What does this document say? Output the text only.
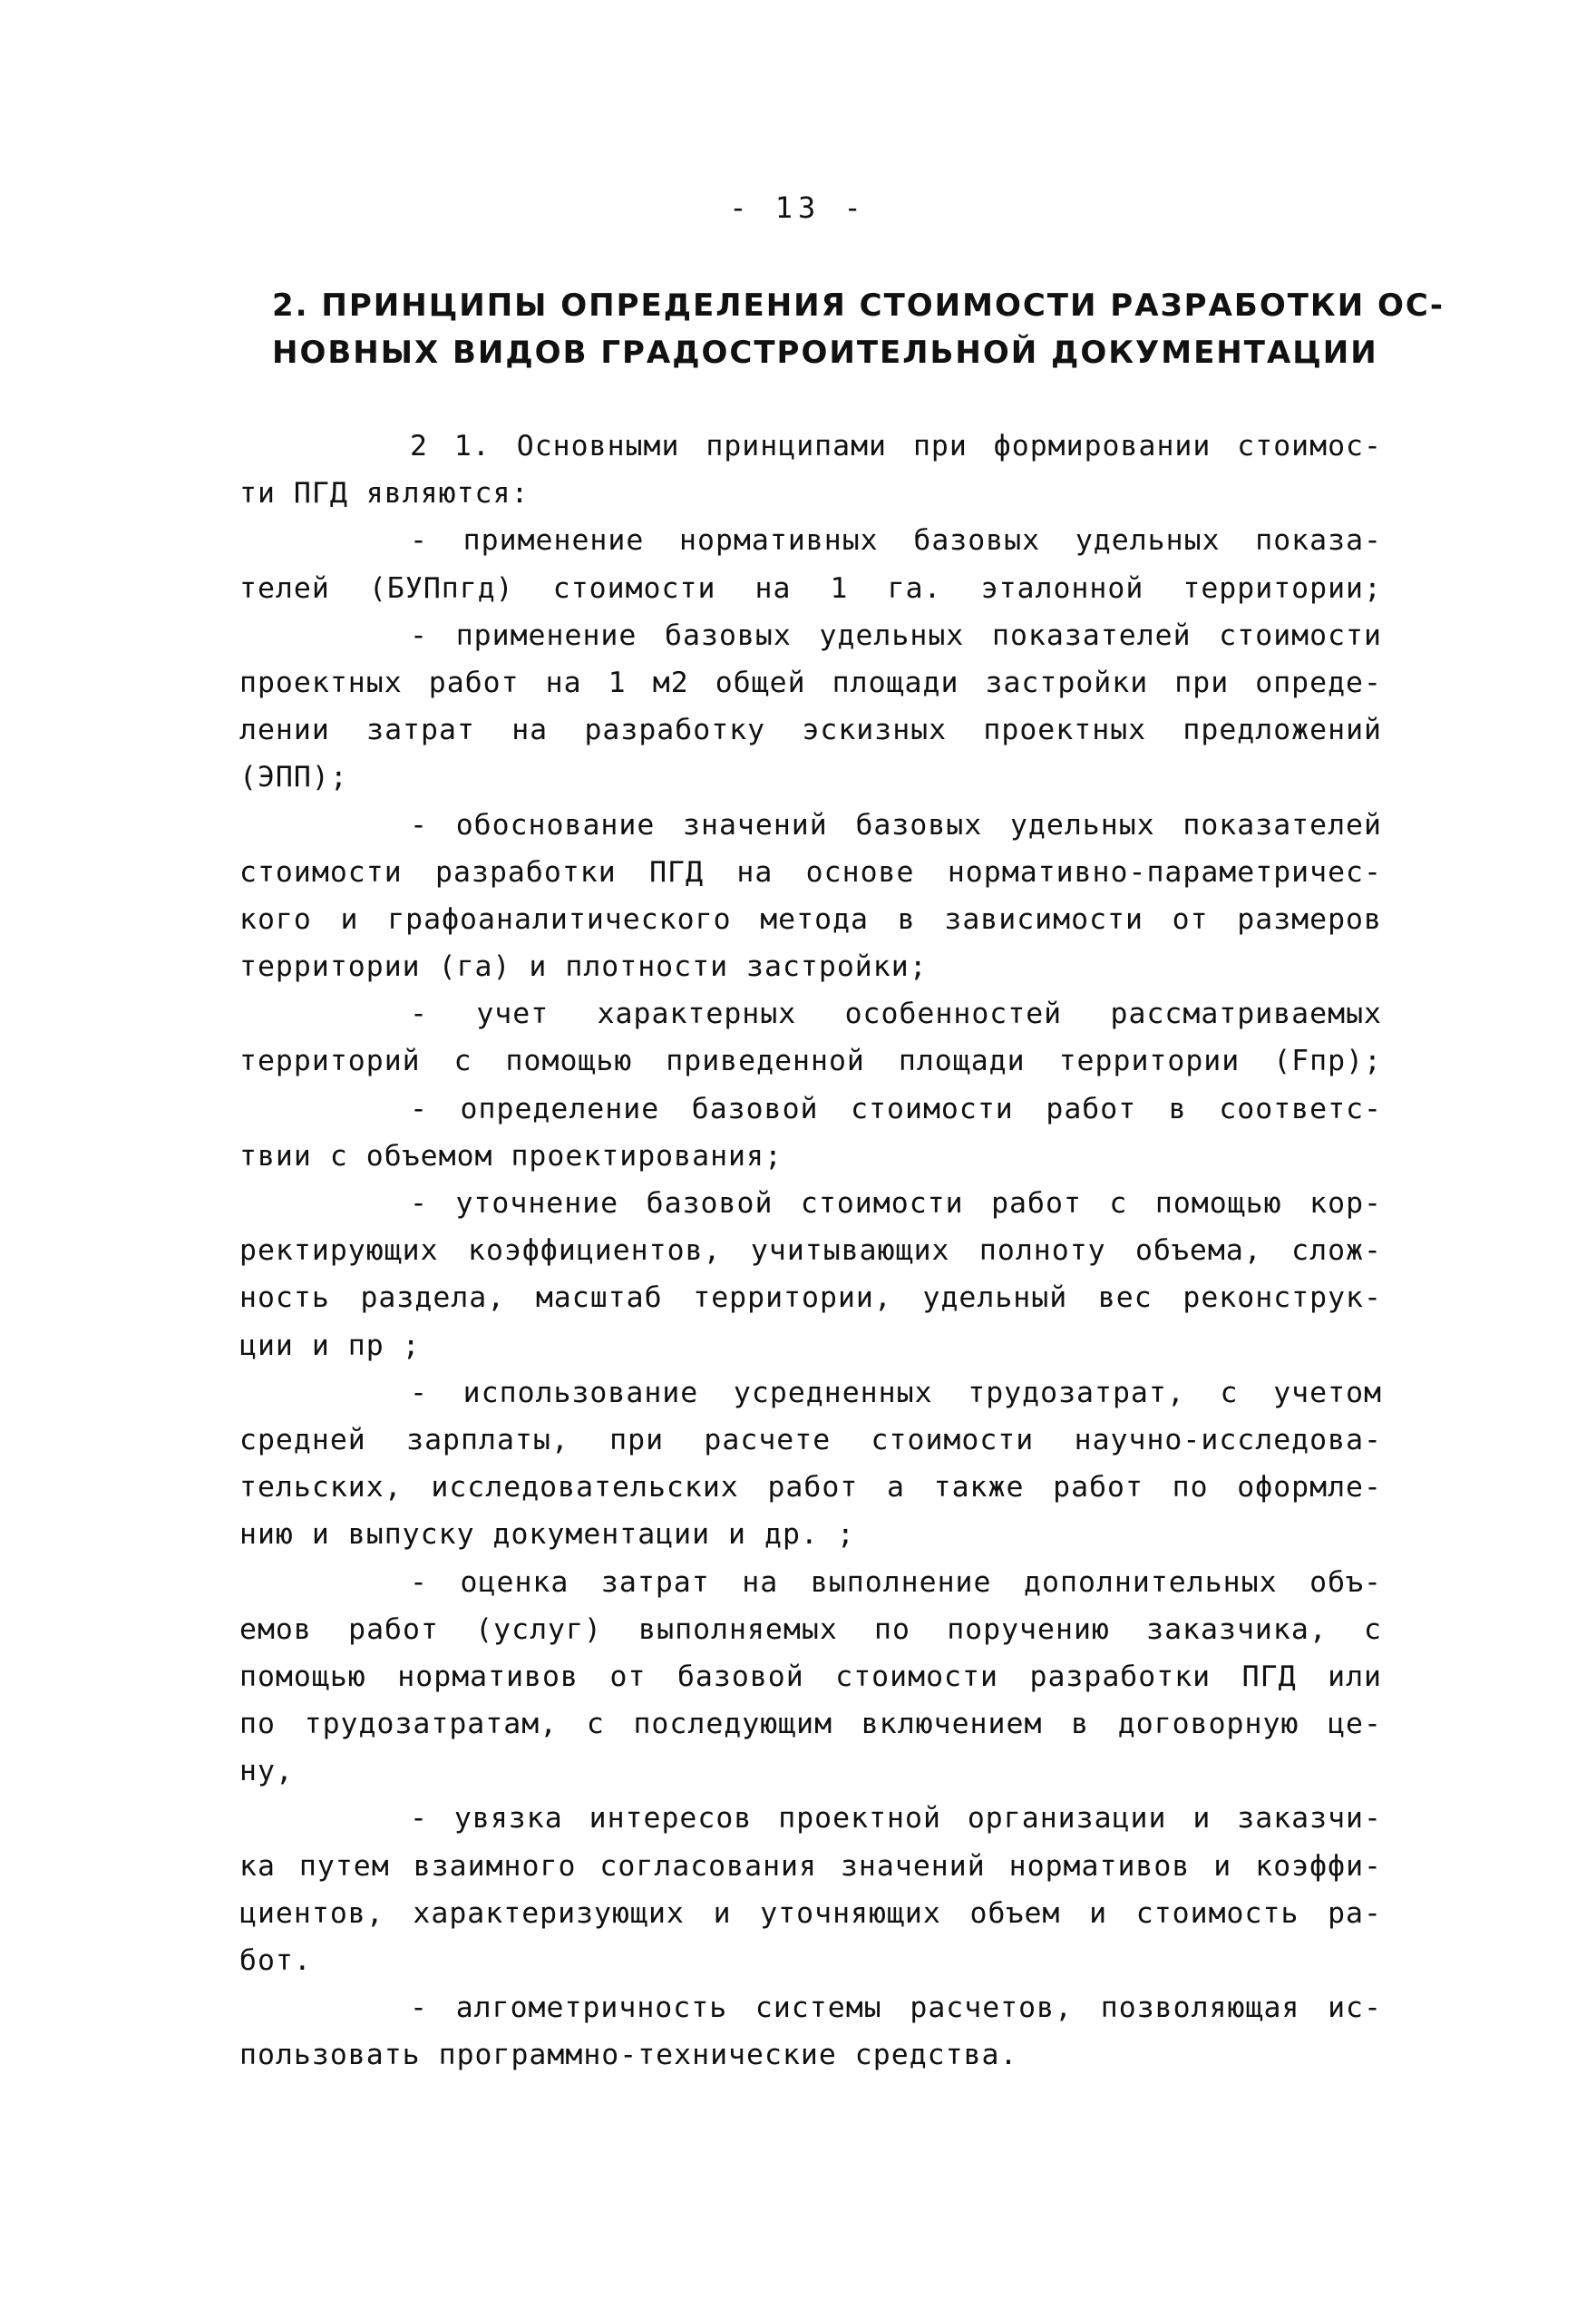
- 13 -
2. ПРИНЦИПЫ ОПРЕДЕЛЕНИЯ СТОИМОСТИ РАЗРАБОТКИ ОС-
НОВНЫХ ВИДОВ ГРАДОСТРОИТЕЛЬНОЙ ДОКУМЕНТАЦИИ
2 1. Основными принципами при формировании стоимос-
ти ПГД являются:
- применение нормативных базовых удельных показа-
телей (БУПпгд) стоимости на 1 га. эталонной территории;
- применение базовых удельных показателей стоимости
проектных работ на 1 м2 общей площади застройки при опреде-
лении затрат на разработку эскизных проектных предложений
(ЭПП);
- обоснование значений базовых удельных показателей
стоимости разработки ПГД на основе нормативно-параметричес-
кого и графоаналитического метода в зависимости от размеров
территории (га) и плотности застройки;
- учет характерных особенностей рассматриваемых
территорий с помощью приведенной площади территории (Fпр);
- определение базовой стоимости работ в соответс-
твии с объемом проектирования;
- уточнение базовой стоимости работ с помощью кор-
ректирующих коэффициентов, учитывающих полноту объема, слож-
ность раздела, масштаб территории, удельный вес реконструк-
ции и пр ;
- использование усредненных трудозатрат, с учетом
средней зарплаты, при расчете стоимости научно-исследова-
тельских, исследовательских работ а также работ по оформле-
нию и выпуску документации и др. ;
- оценка затрат на выполнение дополнительных объ-
емов работ (услуг) выполняемых по поручению заказчика, с
помощью нормативов от базовой стоимости разработки ПГД или
по трудозатратам, с последующим включением в договорную це-
ну,
- увязка интересов проектной организации и заказчи-
ка путем взаимного согласования значений нормативов и коэффи-
циентов, характеризующих и уточняющих объем и стоимость ра-
бот.
- алгометричность системы расчетов, позволяющая ис-
пользовать программно-технические средства.
